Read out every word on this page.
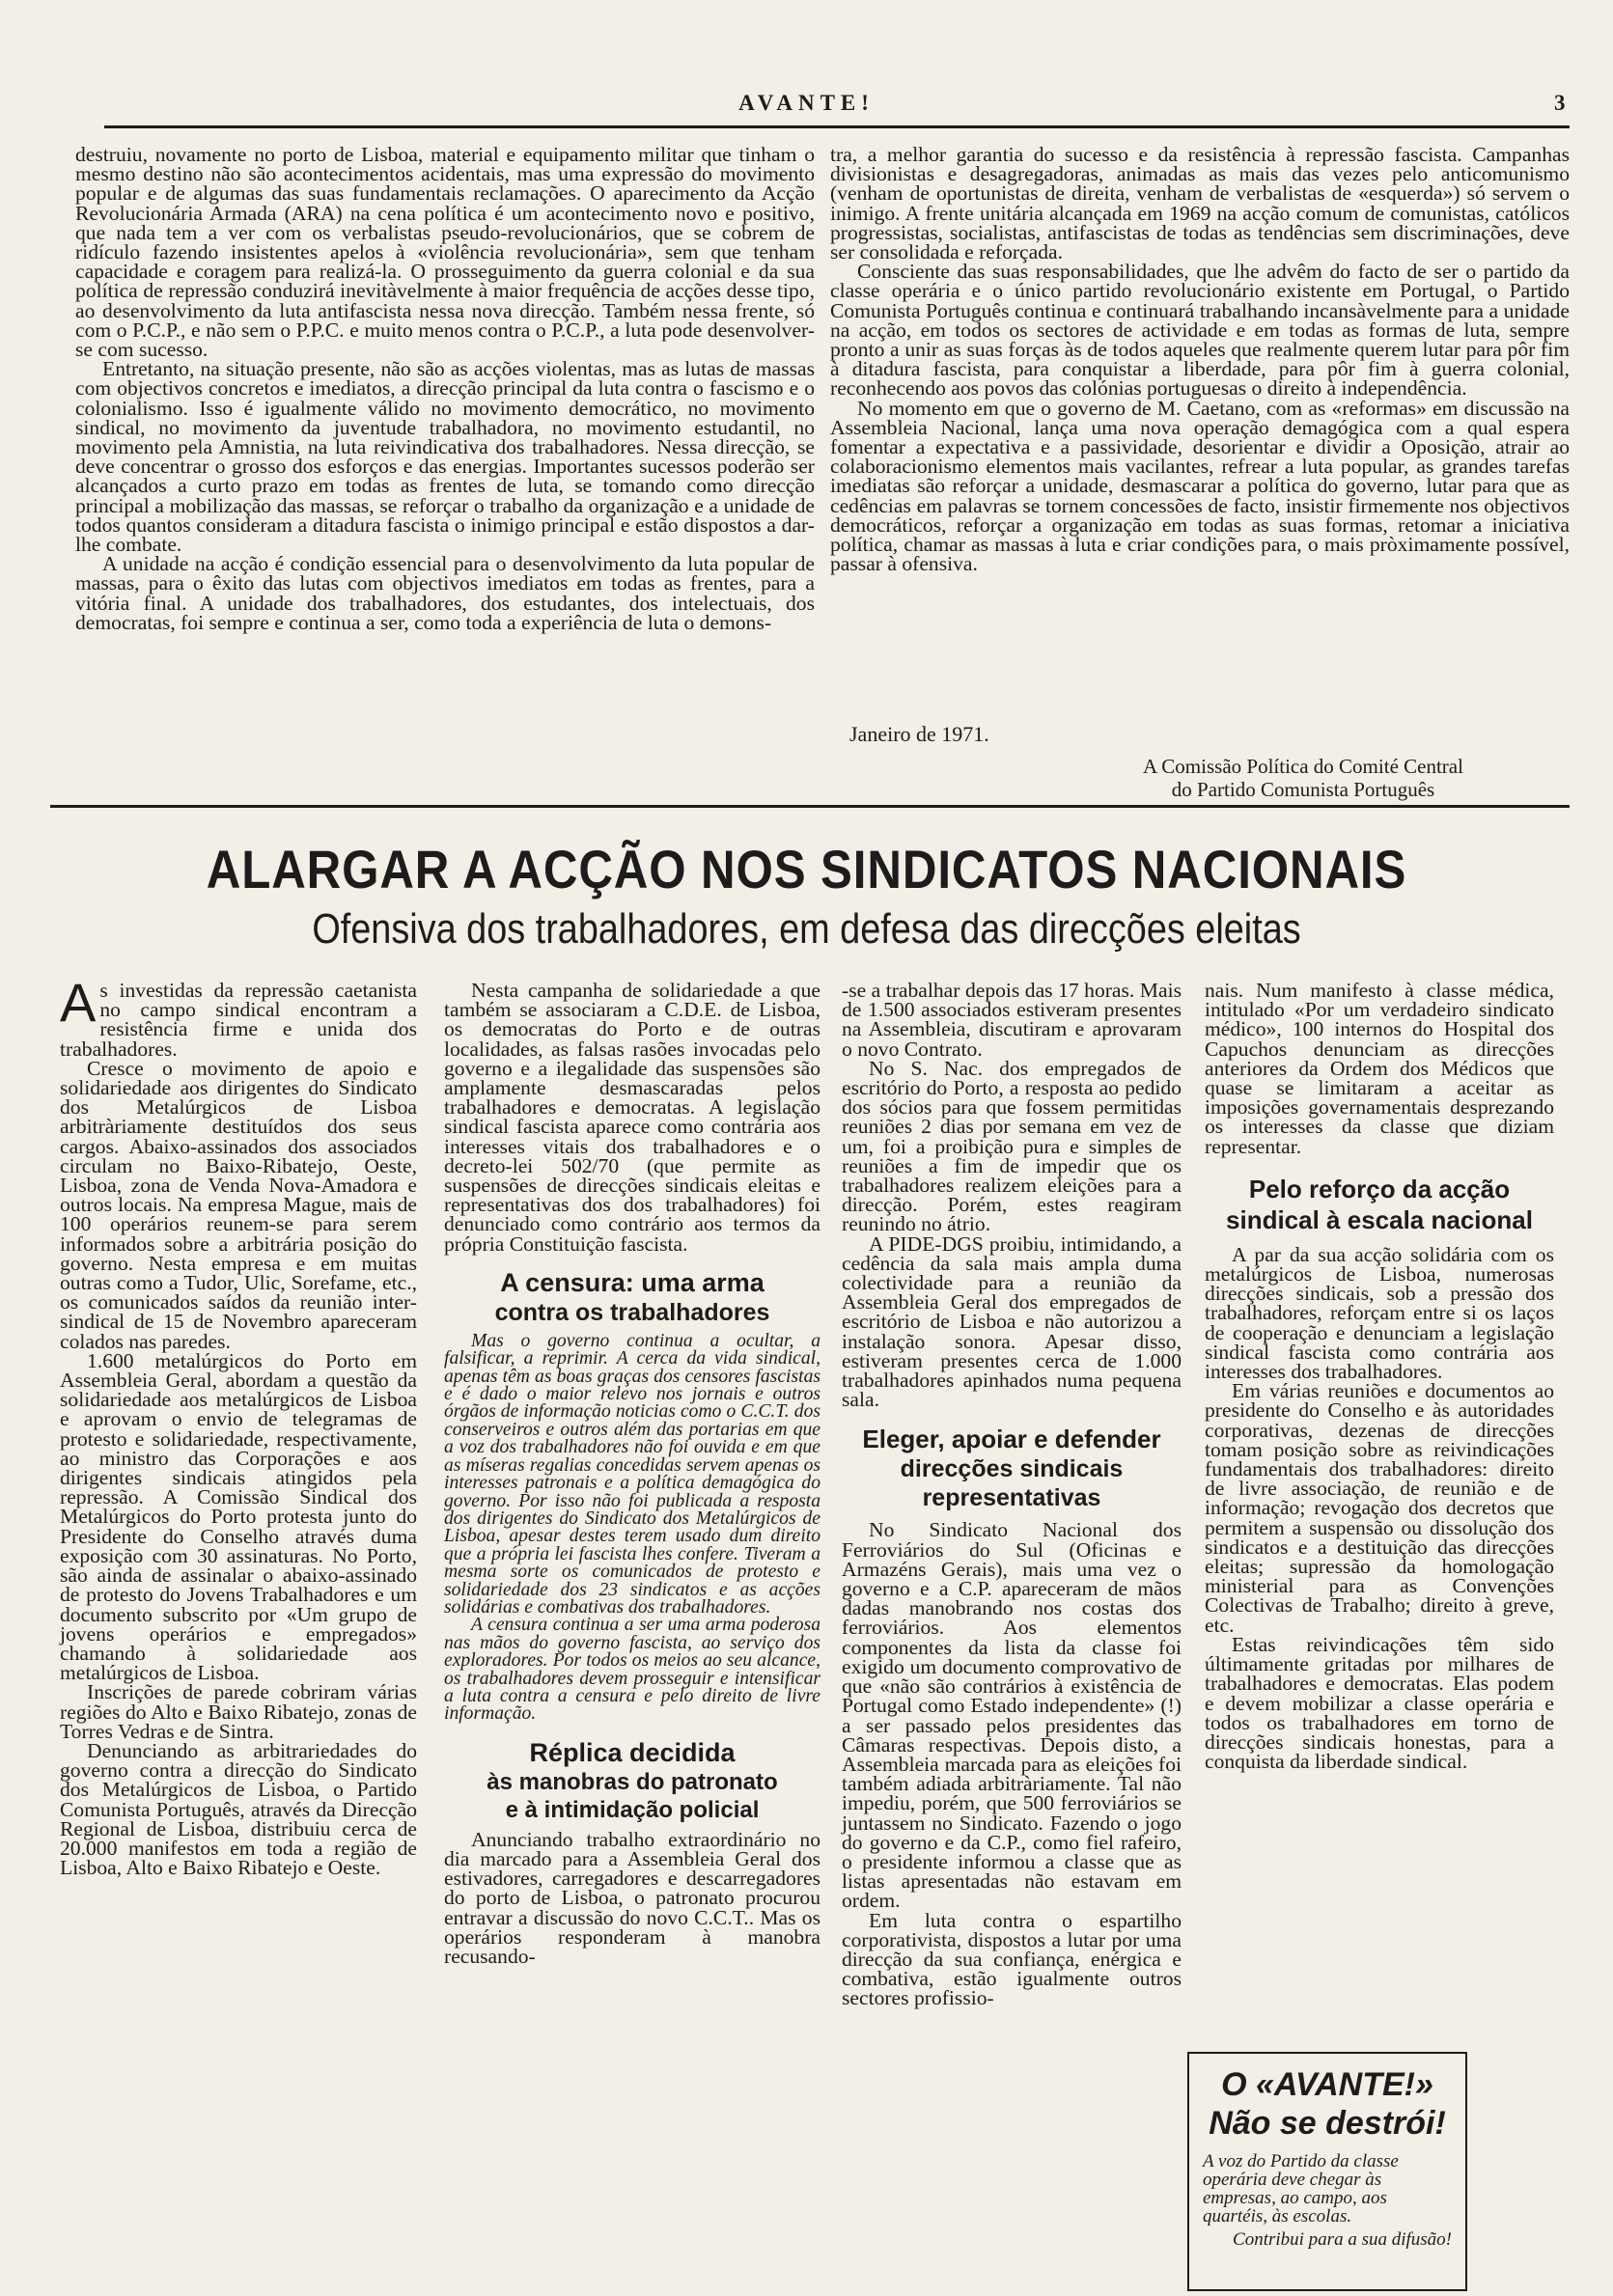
AVANTE!	3

destruiu, novamente no porto de Lisboa, material e equipamento militar que tinham o mesmo destino não são acontecimentos acidentais, mas uma expressão do movimento popular e de algumas das suas fundamentais reclamações. O aparecimento da Acção Revolucionária Armada (ARA) na cena política é um acontecimento novo e positivo, que nada tem a ver com os verbalistas pseudo-revolucionários, que se cobrem de ridículo fazendo insistentes apelos à «violência revolucionária», sem que tenham capacidade e coragem para realizá-la. O prosseguimento da guerra colonial e da sua política de repressão conduzirá inevitàvelmente à maior frequência de acções desse tipo, ao desenvolvimento da luta antifascista nessa nova direcção. Também nessa frente, só com o P.C.P., e não sem o P.P.C. e muito menos contra o P.C.P., a luta pode desenvolver-se com sucesso.

Entretanto, na situação presente, não são as acções violentas, mas as lutas de massas com objectivos concretos e imediatos, a direcção principal da luta contra o fascismo e o colonialismo. Isso é igualmente válido no movimento democrático, no movimento sindical, no movimento da juventude trabalhadora, no movimento estudantil, no movimento pela Amnistia, na luta reivindicativa dos trabalhadores. Nessa direcção, se deve concentrar o grosso dos esforços e das energias. Importantes sucessos poderão ser alcançados a curto prazo em todas as frentes de luta, se tomando como direcção principal a mobilização das massas, se reforçar o trabalho da organização e a unidade de todos quantos consideram a ditadura fascista o inimigo principal e estão dispostos a dar-lhe combate.

A unidade na acção é condição essencial para o desenvolvimento da luta popular de massas, para o êxito das lutas com objectivos imediatos em todas as frentes, para a vitória final. A unidade dos trabalhadores, dos estudantes, dos intelectuais, dos democratas, foi sempre e continua a ser, como toda a experiência de luta o demons-

tra, a melhor garantia do sucesso e da resistência à repressão fascista. Campanhas divisionistas e desagregadoras, animadas as mais das vezes pelo anticomunismo (venham de oportunistas de direita, venham de verbalistas de «esquerda») só servem o inimigo. A frente unitária alcançada em 1969 na acção comum de comunistas, católicos progressistas, socialistas, antifascistas de todas as tendências sem discriminações, deve ser consolidada e reforçada.

Consciente das suas responsabilidades, que lhe advêm do facto de ser o partido da classe operária e o único partido revolucionário existente em Portugal, o Partido Comunista Português continua e continuará trabalhando incansàvelmente para a unidade na acção, em todos os sectores de actividade e em todas as formas de luta, sempre pronto a unir as suas forças às de todos aqueles que realmente querem lutar para pôr fim à ditadura fascista, para conquistar a liberdade, para pôr fim à guerra colonial, reconhecendo aos povos das colónias portuguesas o direito à independência.

No momento em que o governo de M. Caetano, com as «reformas» em discussão na Assembleia Nacional, lança uma nova operação demagógica com a qual espera fomentar a expectativa e a passividade, desorientar e dividir a Oposição, atrair ao colaboracionismo elementos mais vacilantes, refrear a luta popular, as grandes tarefas imediatas são reforçar a unidade, desmascarar a política do governo, lutar para que as cedências em palavras se tornem concessões de facto, insistir firmemente nos objectivos democráticos, reforçar a organização em todas as suas formas, retomar a iniciativa política, chamar as massas à luta e criar condições para, o mais pròximamente possível, passar à ofensiva.

Janeiro de 1971.
A Comissão Política do Comité Central
do Partido Comunista Português
ALARGAR A ACÇÃO NOS SINDICATOS NACIONAIS
Ofensiva dos trabalhadores, em defesa das direcções eleitas

As investidas da repressão caetanista no campo sindical encontram a resistência firme e unida dos trabalhadores.

Cresce o movimento de apoio e solidariedade aos dirigentes do Sindicato dos Metalúrgicos de Lisboa arbitràriamente destituídos dos seus cargos. Abaixo-assinados dos associados circulam no Baixo-Ribatejo, Oeste, Lisboa, zona de Venda Nova-Amadora e outros locais. Na empresa Mague, mais de 100 operários reunem-se para serem informados sobre a arbitrária posição do governo. Nesta empresa e em muitas outras como a Tudor, Ulic, Sorefame, etc., os comunicados saídos da reunião inter-sindical de 15 de Novembro apareceram colados nas paredes.

1.600 metalúrgicos do Porto em Assembleia Geral, abordam a questão da solidariedade aos metalúrgicos de Lisboa e aprovam o envio de telegramas de protesto e solidariedade, respectivamente, ao ministro das Corporações e aos dirigentes sindicais atingidos pela repressão. A Comissão Sindical dos Metalúrgicos do Porto protesta junto do Presidente do Conselho através duma exposição com 30 assinaturas. No Porto, são ainda de assinalar o abaixo-assinado de protesto do Jovens Trabalhadores e um documento subscrito por «Um grupo de jovens operários e empregados» chamando à solidariedade aos metalúrgicos de Lisboa.

Inscrições de parede cobriram várias regiões do Alto e Baixo Ribatejo, zonas de Torres Vedras e de Sintra.

Denunciando as arbitrariedades do governo contra a direcção do Sindicato dos Metalúrgicos de Lisboa, o Partido Comunista Português, através da Direcção Regional de Lisboa, distribuiu cerca de 20.000 manifestos em toda a região de Lisboa, Alto e Baixo Ribatejo e Oeste.

Nesta campanha de solidariedade a que também se associaram a C.D.E. de Lisboa, os democratas do Porto e de outras localidades, as falsas rasões invocadas pelo governo e a ilegalidade das suspensões são amplamente desmascaradas pelos trabalhadores e democratas. A legislação sindical fascista aparece como contrária aos interesses vitais dos trabalhadores e o decreto-lei 502/70 (que permite as suspensões de direcções sindicais eleitas e representativas dos dos trabalhadores) foi denunciado como contrário aos termos da própria Constituição fascista.

A censura: uma arma
contra os trabalhadores

Mas o governo continua a ocultar, a falsificar, a reprimir. A cerca da vida sindical, apenas têm as boas graças dos censores fascistas e é dado o maior relevo nos jornais e outros órgãos de informação noticias como o C.C.T. dos conserveiros e outros além das portarias em que a voz dos trabalhadores não foi ouvida e em que as míseras regalias concedidas servem apenas os interesses patronais e a política demagógica do governo. Por isso não foi publicada a resposta dos dirigentes do Sindicato dos Metalúrgicos de Lisboa, apesar destes terem usado dum direito que a própria lei fascista lhes confere. Tiveram a mesma sorte os comunicados de protesto e solidariedade dos 23 sindicatos e as acções solidárias e combativas dos trabalhadores.

A censura continua a ser uma arma poderosa nas mãos do governo fascista, ao serviço dos exploradores. Por todos os meios ao seu alcance, os trabalhadores devem prosseguir e intensificar a luta contra a censura e pelo direito de livre informação.

Réplica decidida
às manobras do patronato
e à intimidação policial

Anunciando trabalho extraordinário no dia marcado para a Assembleia Geral dos estivadores, carregadores e descarregadores do porto de Lisboa, o patronato procurou entravar a discussão do novo C.C.T.. Mas os operários responderam à manobra recusando-

-se a trabalhar depois das 17 horas. Mais de 1.500 associados estiveram presentes na Assembleia, discutiram e aprovaram o novo Contrato.

No S. Nac. dos empregados de escritório do Porto, a resposta ao pedido dos sócios para que fossem permitidas reuniões 2 dias por semana em vez de um, foi a proibição pura e simples de reuniões a fim de impedir que os trabalhadores realizem eleições para a direcção. Porém, estes reagiram reunindo no átrio.

A PIDE-DGS proibiu, intimidando, a cedência da sala mais ampla duma colectividade para a reunião da Assembleia Geral dos empregados de escritório de Lisboa e não autorizou a instalação sonora. Apesar disso, estiveram presentes cerca de 1.000 trabalhadores apinhados numa pequena sala.

Eleger, apoiar e defender
direcções sindicais
representativas

No Sindicato Nacional dos Ferroviários do Sul (Oficinas e Armazéns Gerais), mais uma vez o governo e a C.P. apareceram de mãos dadas manobrando nos costas dos ferroviários. Aos elementos componentes da lista da classe foi exigido um documento comprovativo de que «não são contrários à existência de Portugal como Estado independente» (!) a ser passado pelos presidentes das Câmaras respectivas. Depois disto, a Assembleia marcada para as eleições foi também adiada arbitràriamente. Tal não impediu, porém, que 500 ferroviários se juntassem no Sindicato. Fazendo o jogo do governo e da C.P., como fiel rafeiro, o presidente informou a classe que as listas apresentadas não estavam em ordem.

Em luta contra o espartilho corporativista, dispostos a lutar por uma direcção da sua confiança, enérgica e combativa, estão igualmente outros sectores profissio-

nais. Num manifesto à classe médica, intitulado «Por um verdadeiro sindicato médico», 100 internos do Hospital dos Capuchos denunciam as direcções anteriores da Ordem dos Médicos que quase se limitaram a aceitar as imposições governamentais desprezando os interesses da classe que diziam representar.

Pelo reforço da acção
sindical à escala nacional

A par da sua acção solidária com os metalúrgicos de Lisboa, numerosas direcções sindicais, sob a pressão dos trabalhadores, reforçam entre si os laços de cooperação e denunciam a legislação sindical fascista como contrária aos interesses dos trabalhadores.

Em várias reuniões e documentos ao presidente do Conselho e às autoridades corporativas, dezenas de direcções tomam posição sobre as reivindicações fundamentais dos trabalhadores: direito de livre associação, de reunião e de informação; revogação dos decretos que permitem a suspensão ou dissolução dos sindicatos e a destituição das direcções eleitas; supressão da homologação ministerial para as Convenções Colectivas de Trabalho; direito à greve, etc.

Estas reivindicações têm sido últimamente gritadas por milhares de trabalhadores e democratas. Elas podem e devem mobilizar a classe operária e todos os trabalhadores em torno de direcções sindicais honestas, para a conquista da liberdade sindical.

O «AVANTE!»
Não se destrói!
A voz do Partido da classe operária deve chegar às empresas, ao campo, aos quartéis, às escolas.
Contribui para a sua difusão!
